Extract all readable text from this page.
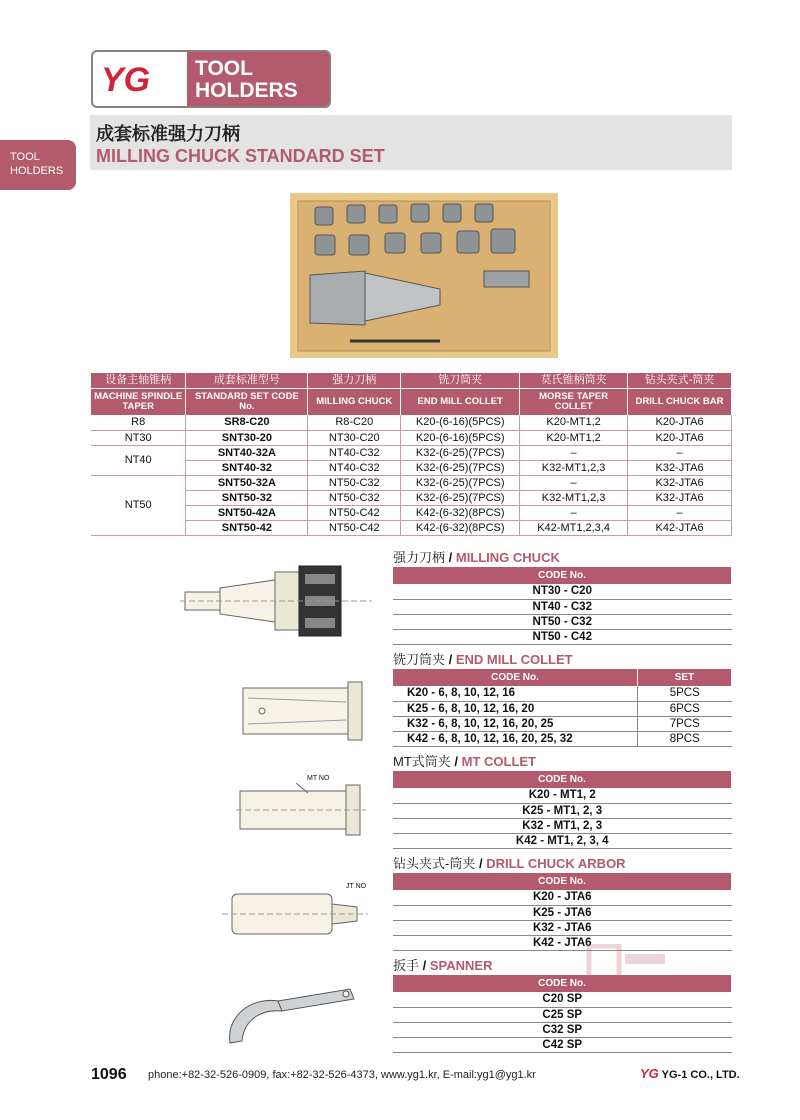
YG TOOL
HOLDERS
TOOL
HOLDERS
成套标准强力刀柄
MILLING CHUCK STANDARD SET
设备主轴锥柄	成套标准型号	强力刀柄	铣刀筒夹	莫氏锥柄筒夹	钻头夹式-筒夹
MACHINE SPINDLE TAPER	STANDARD SET CODE No.	MILLING CHUCK	END MILL COLLET	MORSE TAPER COLLET	DRILL CHUCK BAR
R8	SR8-C20	R8-C20	K20-(6-16)(5PCS)	K20-MT1,2	K20-JTA6
NT30	SNT30-20	NT30-C20	K20-(6-16)(5PCS)	K20-MT1,2	K20-JTA6
NT40	SNT40-32A	NT40-C32	K32-(6-25)(7PCS)	–	–
	SNT40-32	NT40-C32	K32-(6-25)(7PCS)	K32-MT1,2,3	K32-JTA6
NT50	SNT50-32A	NT50-C32	K32-(6-25)(7PCS)	–	K32-JTA6
	SNT50-32	NT50-C32	K32-(6-25)(7PCS)	K32-MT1,2,3	K32-JTA6
	SNT50-42A	NT50-C42	K42-(6-32)(8PCS)	–	–
	SNT50-42	NT50-C42	K42-(6-32)(8PCS)	K42-MT1,2,3,4	K42-JTA6
强力刀柄 / MILLING CHUCK
CODE No.
NT30 - C20
NT40 - C32
NT50 - C32
NT50 - C42
铣刀筒夹 / END MILL COLLET
CODE No.	SET
K20 - 6, 8, 10, 12, 16	5PCS
K25 - 6, 8, 10, 12, 16, 20	6PCS
K32 - 6, 8, 10, 12, 16, 20, 25	7PCS
K42 - 6, 8, 10, 12, 16, 20, 25, 32	8PCS
MT式筒夹 / MT COLLET
CODE No.
K20 - MT1, 2
K25 - MT1, 2, 3
K32 - MT1, 2, 3
K42 - MT1, 2, 3, 4
MT NO
钻头夹式-筒夹 / DRILL CHUCK ARBOR
CODE No.
K20 - JTA6
K25 - JTA6
K32 - JTA6
K42 - JTA6
JT NO
扳手 / SPANNER
CODE No.
C20 SP
C25 SP
C32 SP
C42 SP
1096 phone:+82-32-526-0909, fax:+82-32-526-4373, www.yg1.kr, E-mail:yg1@yg1.kr	YG YG-1 CO., LTD.
